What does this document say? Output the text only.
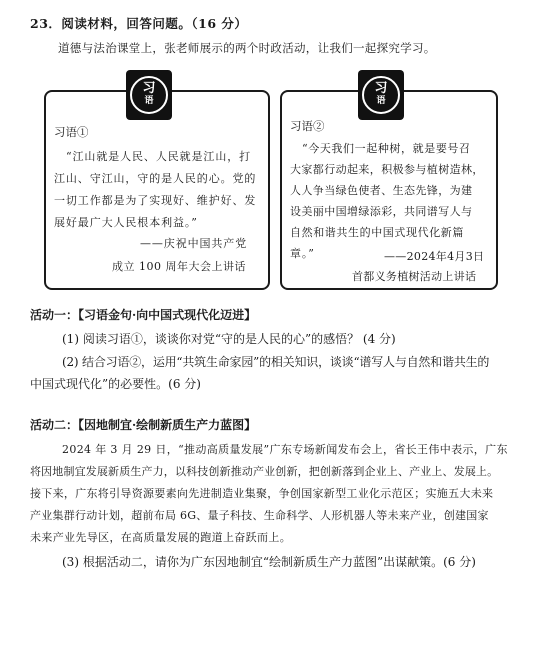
23．阅读材料，回答问题。（16 分）
道德与法治课堂上，张老师展示的两个时政活动，让我们一起探究学习。
习
语
习语①
“江山就是人民、人民就是江山，打
江山、守江山，守的是人民的心。党的
一切工作都是为了实现好、维护好、发
展好最广大人民根本利益。”
——庆祝中国共产党
成立 100 周年大会上讲话
习
语
习语②
“今天我们一起种树，就是要号召
大家都行动起来，积极参与植树造林，
人人争当绿色使者、生态先锋，为建
设美丽中国增绿添彩，共同谱写人与
自然和谐共生的中国式现代化新篇
章。”	——2024年4月3日
首都义务植树活动上讲话
活动一：【习语金句·向中国式现代化迈进】
(1) 阅读习语①，谈谈你对党“守的是人民的心”的感悟？ (4 分)
(2) 结合习语②，运用“共筑生命家园”的相关知识，谈谈“谱写人与自然和谐共生的
中国式现代化”的必要性。(6 分)
活动二：【因地制宜·绘制新质生产力蓝图】
2024 年 3 月 29 日，“推动高质量发展”广东专场新闻发布会上，省长王伟中表示，广东
将因地制宜发展新质生产力，以科技创新推动产业创新，把创新落到企业上、产业上、发展上。
接下来，广东将引导资源要素向先进制造业集聚，争创国家新型工业化示范区；实施五大未来
产业集群行动计划，超前布局 6G、量子科技、生命科学、人形机器人等未来产业，创建国家
未来产业先导区，在高质量发展的跑道上奋跃而上。
(3) 根据活动二，请你为广东因地制宜“绘制新质生产力蓝图”出谋献策。(6 分)
